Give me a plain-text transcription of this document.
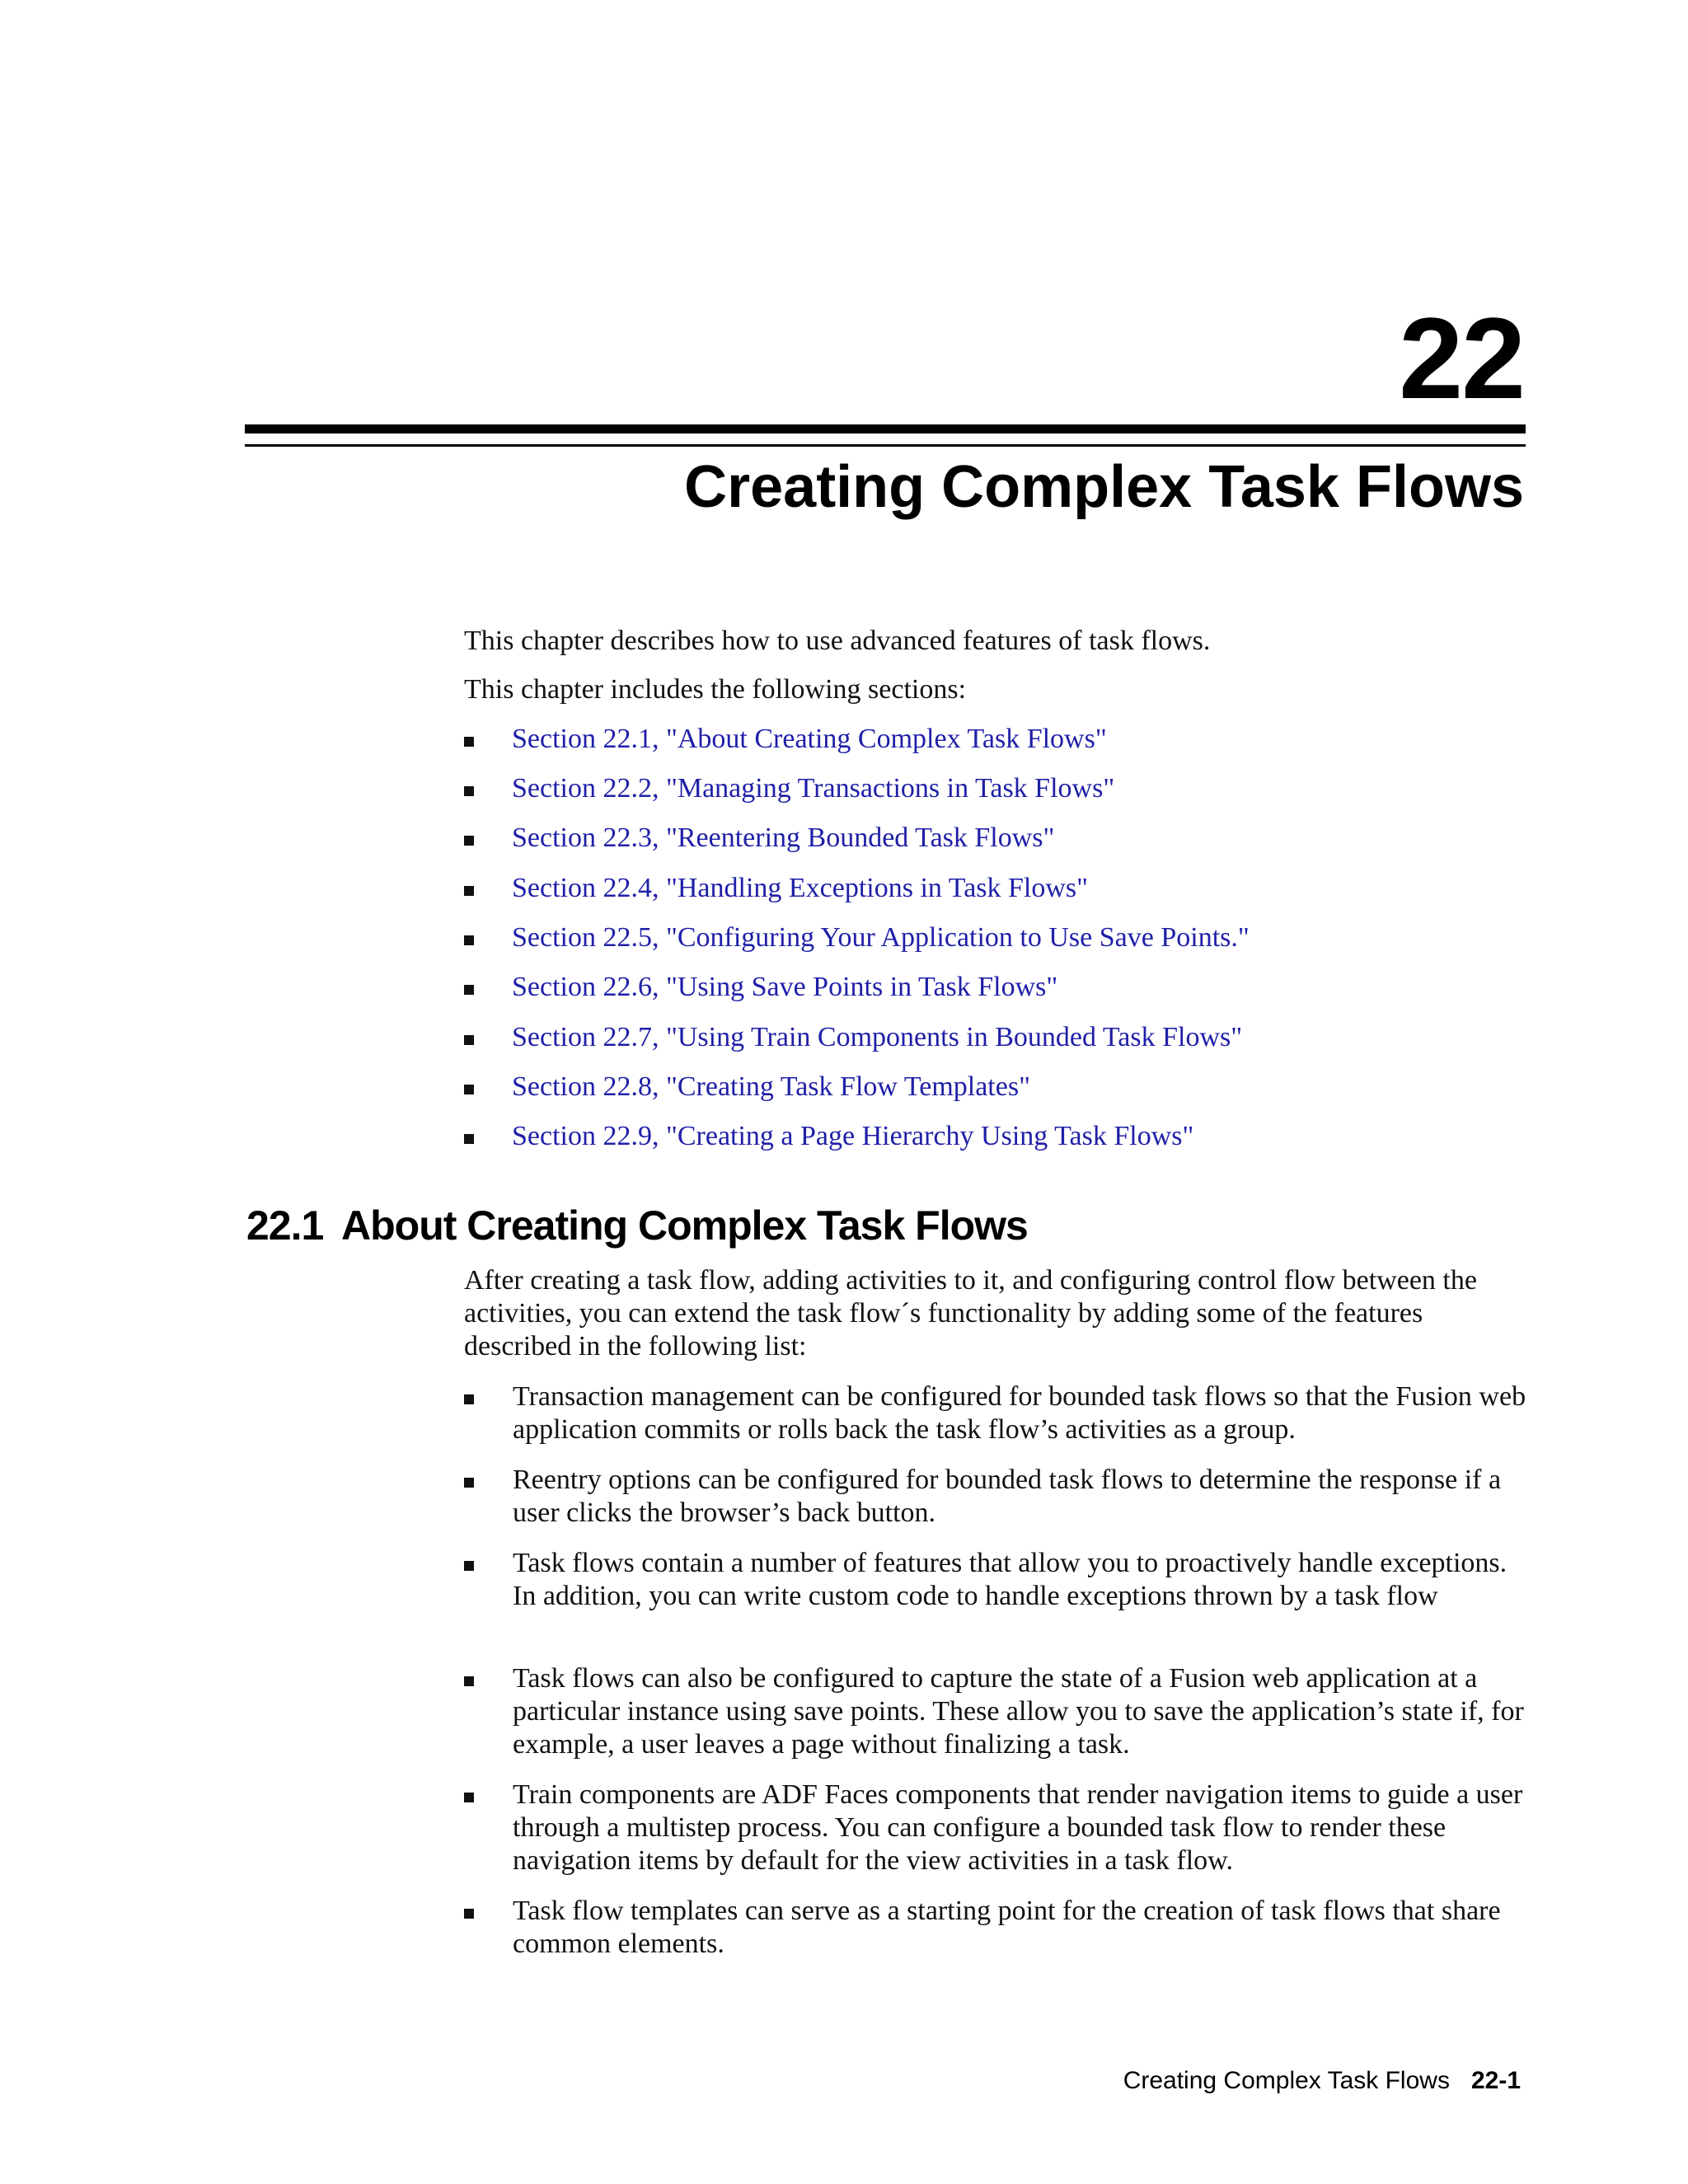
22
Creating Complex Task Flows

This chapter describes how to use advanced features of task flows.

This chapter includes the following sections:

Section 22.1, "About Creating Complex Task Flows"
Section 22.2, "Managing Transactions in Task Flows"
Section 22.3, "Reentering Bounded Task Flows"
Section 22.4, "Handling Exceptions in Task Flows"
Section 22.5, "Configuring Your Application to Use Save Points."
Section 22.6, "Using Save Points in Task Flows"
Section 22.7, "Using Train Components in Bounded Task Flows"
Section 22.8, "Creating Task Flow Templates"
Section 22.9, "Creating a Page Hierarchy Using Task Flows"
22.1 About Creating Complex Task Flows

After creating a task flow, adding activities to it, and configuring control flow between the activities, you can extend the task flow´s functionality by adding some of the features described in the following list:

Transaction management can be configured for bounded task flows so that the Fusion web application commits or rolls back the task flow’s activities as a group.
Reentry options can be configured for bounded task flows to determine the response if a user clicks the browser’s back button.
Task flows contain a number of features that allow you to proactively handle exceptions. In addition, you can write custom code to handle exceptions thrown by a task flow
Task flows can also be configured to capture the state of a Fusion web application at a particular instance using save points. These allow you to save the application’s state if, for example, a user leaves a page without finalizing a task.
Train components are ADF Faces components that render navigation items to guide a user through a multistep process. You can configure a bounded task flow to render these navigation items by default for the view activities in a task flow.
Task flow templates can serve as a starting point for the creation of task flows that share common elements.
Creating Complex Task Flows 22-1
